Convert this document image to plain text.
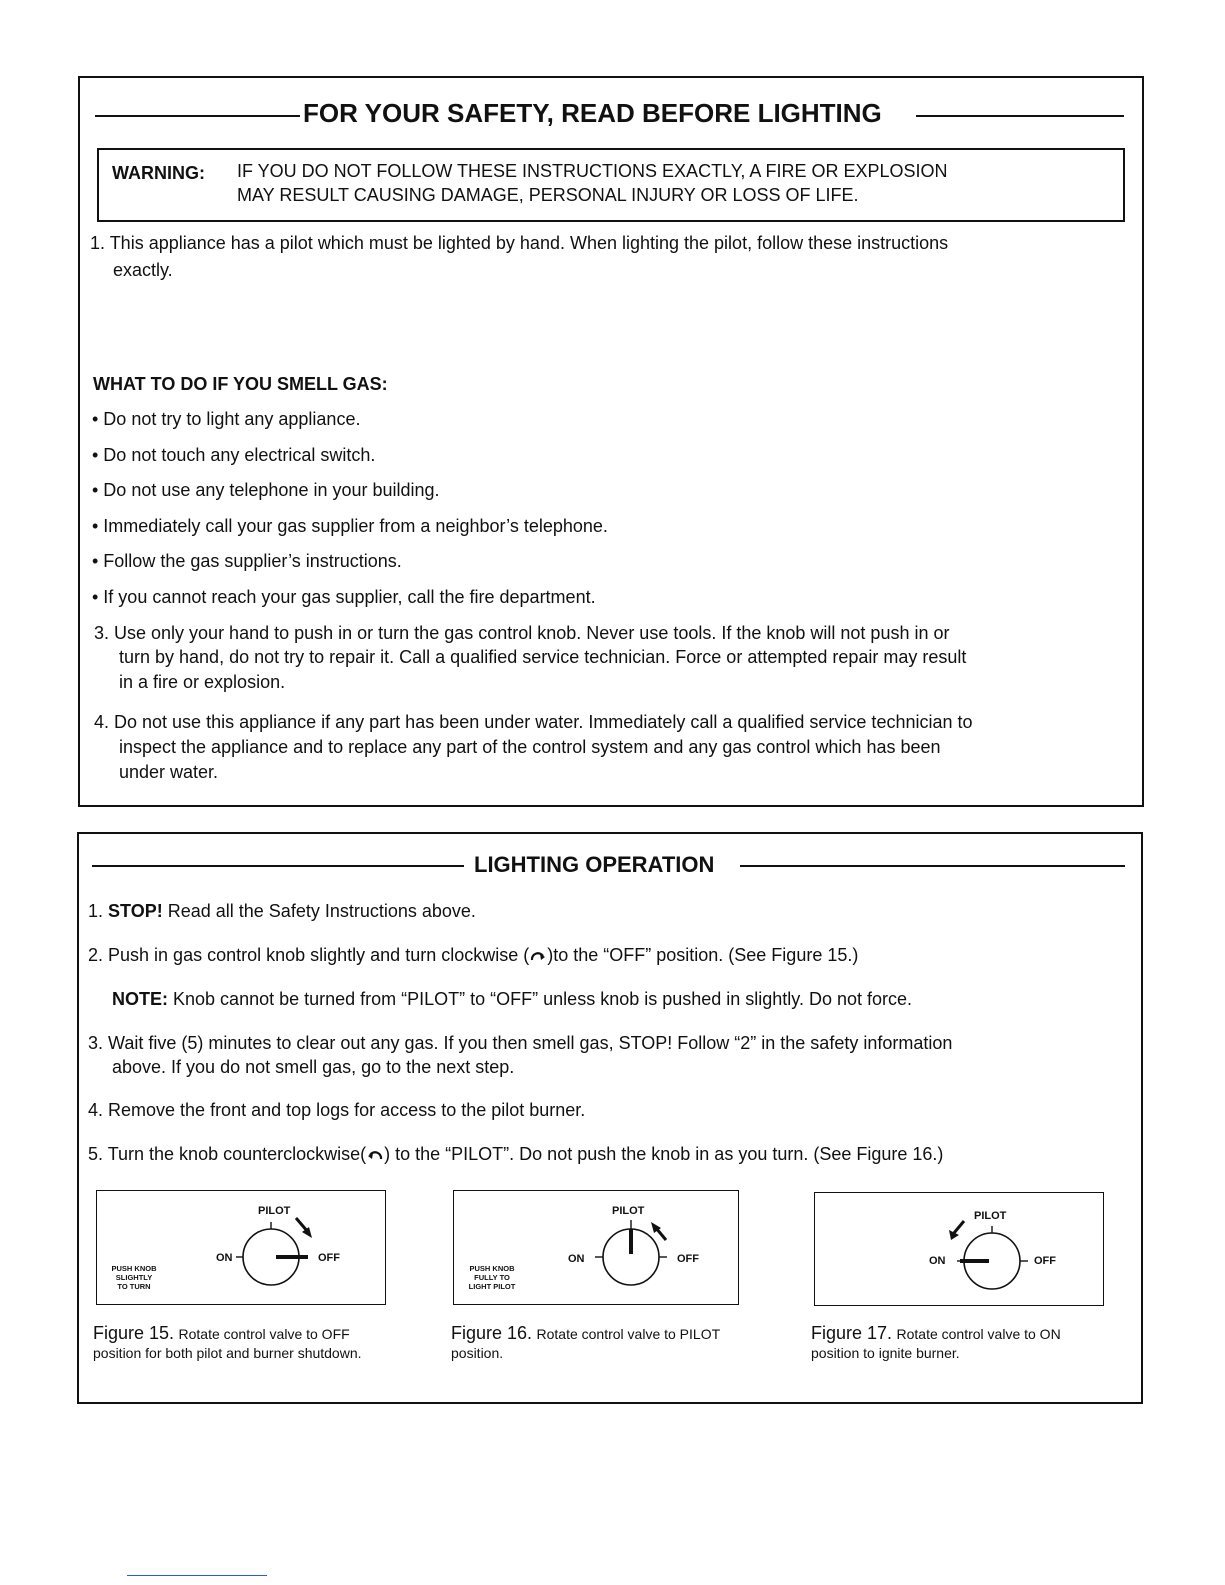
FOR YOUR SAFETY, READ BEFORE LIGHTING
WARNING: IF YOU DO NOT FOLLOW THESE INSTRUCTIONS EXACTLY, A FIRE OR EXPLOSION
MAY RESULT CAUSING DAMAGE, PERSONAL INJURY OR LOSS OF LIFE.
1. This appliance has a pilot which must be lighted by hand. When lighting the pilot, follow these instructions
exactly.
WHAT TO DO IF YOU SMELL GAS:
• Do not try to light any appliance.
• Do not touch any electrical switch.
• Do not use any telephone in your building.
• Immediately call your gas supplier from a neighbor’s telephone.
• Follow the gas supplier’s instructions.
• If you cannot reach your gas supplier, call the fire department.
3. Use only your hand to push in or turn the gas control knob. Never use tools. If the knob will not push in or
turn by hand, do not try to repair it. Call a qualified service technician. Force or attempted repair may result
in a fire or explosion.
4. Do not use this appliance if any part has been under water. Immediately call a qualified service technician to
inspect the appliance and to replace any part of the control system and any gas control which has been
under water.
LIGHTING OPERATION
1. STOP! Read all the Safety Instructions above.
2. Push in gas control knob slightly and turn clockwise ( )to the “OFF” position. (See Figure 15.)
NOTE: Knob cannot be turned from “PILOT” to “OFF” unless knob is pushed in slightly. Do not force.
3. Wait five (5) minutes to clear out any gas. If you then smell gas, STOP! Follow “2” in the safety information
above. If you do not smell gas, go to the next step.
4. Remove the front and top logs for access to the pilot burner.
5. Turn the knob counterclockwise( ) to the “PILOT”. Do not push the knob in as you turn. (See Figure 16.)
PILOT
ON	OFF
PUSH KNOB
SLIGHTLY
TO TURN
Figure 15. Rotate control valve to OFF
position for both pilot and burner shutdown.
PILOT
ON	OFF
PUSH KNOB
FULLY TO
LIGHT PILOT
Figure 16. Rotate control valve to PILOT
position.
PILOT
ON	OFF
Figure 17. Rotate control valve to ON
position to ignite burner.
